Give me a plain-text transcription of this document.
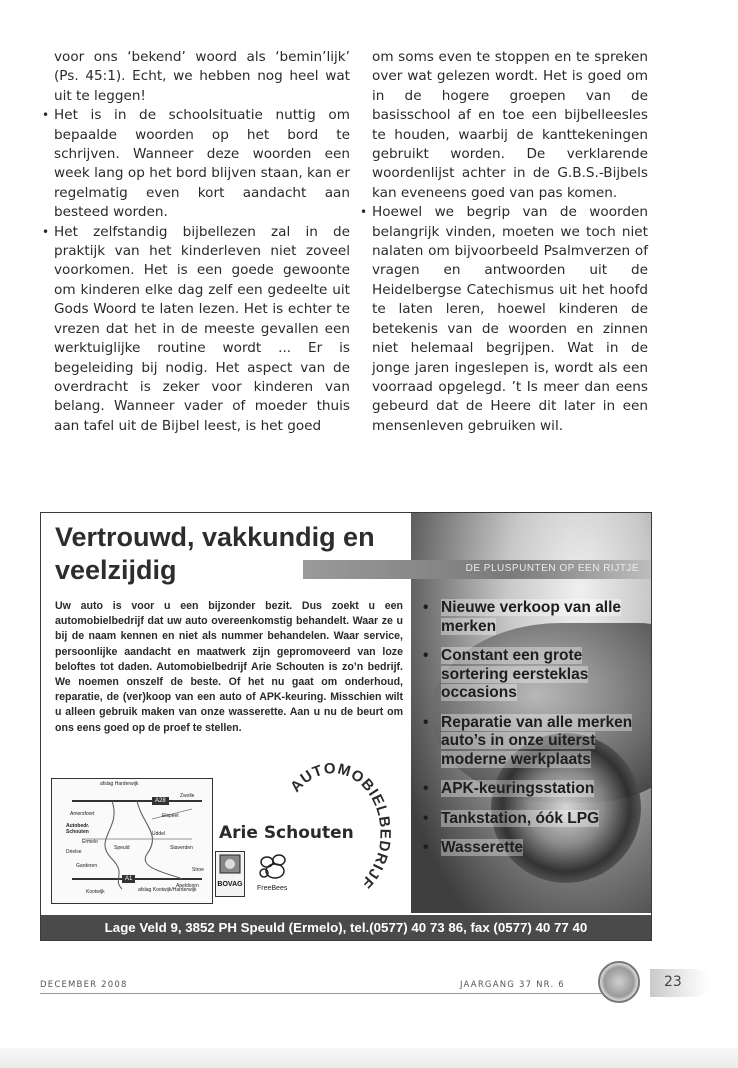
voor ons ‘bekend’ woord als ‘bemin’lijk’ (Ps. 45:1). Echt, we hebben nog heel wat uit te leggen!

• Het is in de schoolsituatie nuttig om bepaalde woorden op het bord te schrijven. Wanneer deze woorden een week lang op het bord blijven staan, kan er regelmatig even kort aandacht aan besteed worden.
• Het zelfstandig bijbellezen zal in de praktijk van het kinderleven niet zoveel voorkomen. Het is een goede gewoonte om kinderen elke dag zelf een gedeelte uit Gods Woord te laten lezen. Het is echter te vrezen dat het in de meeste gevallen een werktuiglijke routine wordt ... Er is begeleiding bij nodig. Het aspect van de overdracht is zeker voor kinderen van belang. Wanneer vader of moeder thuis aan tafel uit de Bijbel leest, is het goed

om soms even te stoppen en te spreken over wat gelezen wordt. Het is goed om in de hogere groepen van de basisschool af en toe een bijbelleesles te houden, waarbij de kanttekeningen gebruikt worden. De verklarende woordenlijst achter in de G.B.S.-Bijbels kan eveneens goed van pas komen.

• Hoewel we begrip van de woorden belangrijk vinden, moeten we toch niet nalaten om bijvoorbeeld Psalmverzen of vragen en antwoorden uit de Heidelbergse Catechismus uit het hoofd te laten leren, hoewel kinderen de betekenis van de woorden en zinnen niet helemaal begrijpen. Wat in de jonge jaren ingeslepen is, wordt als een voorraad opgelegd. ’t Is meer dan eens gebeurd dat de Heere dit later in een mensenleven gebruiken wil.
Vertrouwd, vakkundig en
veelzijdig	DE PLUSPUNTEN OP EEN RIJTJE
Uw auto is voor u een bijzonder bezit. Dus zoekt u een automobielbedrijf dat uw auto overeenkomstig behandelt. Waar ze u bij de naam kennen en niet als nummer behandelen. Waar service, persoonlijke aandacht en maatwerk zijn gepromoveerd van loze beloftes tot daden. Automobielbedrijf Arie Schouten is zo’n bedrijf. We noemen onszelf de beste. Of het nu gaat om onderhoud, reparatie, de (ver)koop van een auto of APK-keuring. Misschien wilt u alleen gebruik maken van onze wasserette. Aan u nu de beurt om ons eens goed op de proef te stellen.
• Nieuwe verkoop van alle merken
• Constant een grote sortering eersteklas occasions
• Reparatie van alle merken auto’s in onze uiterst moderne werkplaats
• APK-keuringsstation
• Tankstation, óók LPG
• Wasserette
afslag Harderwijk
A28
Zwolle
Amersfoort
Autobedr. Schouten
Ermelo
Drielse
Speuld	Staverden
Uddel
Elspeet
Garderen
A1
Kootwijk	afslag Kootwijk/Harderwijk
Stroe
Apeldoorn
AUTOMOBIELBEDRIJF
Arie Schouten
BOVAG
FreeBees
Lage Veld 9, 3852 PH Speuld (Ermelo), tel.(0577) 40 73 86, fax (0577) 40 77 40
DECEMBER 2008	JAARGANG 37 NR. 6	23
